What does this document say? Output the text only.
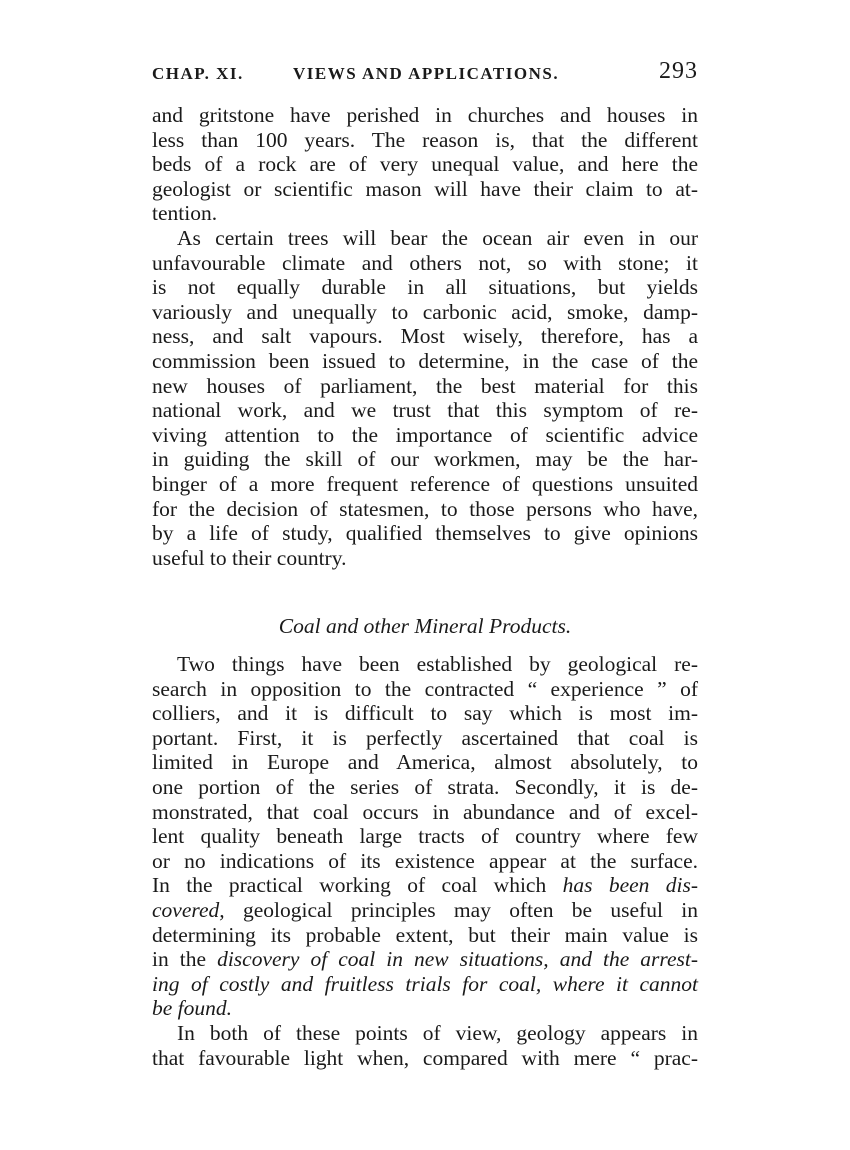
CHAP. XI.	VIEWS AND APPLICATIONS.	293
and gritstone have perished in churches and houses in
less than 100 years. The reason is, that the different
beds of a rock are of very unequal value, and here the
geologist or scientific mason will have their claim to at-
tention.
As certain trees will bear the ocean air even in our
unfavourable climate and others not, so with stone; it
is not equally durable in all situations, but yields
variously and unequally to carbonic acid, smoke, damp-
ness, and salt vapours. Most wisely, therefore, has a
commission been issued to determine, in the case of the
new houses of parliament, the best material for this
national work, and we trust that this symptom of re-
viving attention to the importance of scientific advice
in guiding the skill of our workmen, may be the har-
binger of a more frequent reference of questions unsuited
for the decision of statesmen, to those persons who have,
by a life of study, qualified themselves to give opinions
useful to their country.
Coal and other Mineral Products.
Two things have been established by geological re-
search in opposition to the contracted “ experience ” of
colliers, and it is difficult to say which is most im-
portant. First, it is perfectly ascertained that coal is
limited in Europe and America, almost absolutely, to
one portion of the series of strata. Secondly, it is de-
monstrated, that coal occurs in abundance and of excel-
lent quality beneath large tracts of country where few
or no indications of its existence appear at the surface.
In the practical working of coal which has been dis-
covered, geological principles may often be useful in
determining its probable extent, but their main value is
in the discovery of coal in new situations, and the arrest-
ing of costly and fruitless trials for coal, where it cannot
be found.
In both of these points of view, geology appears in
that favourable light when, compared with mere “ prac-
